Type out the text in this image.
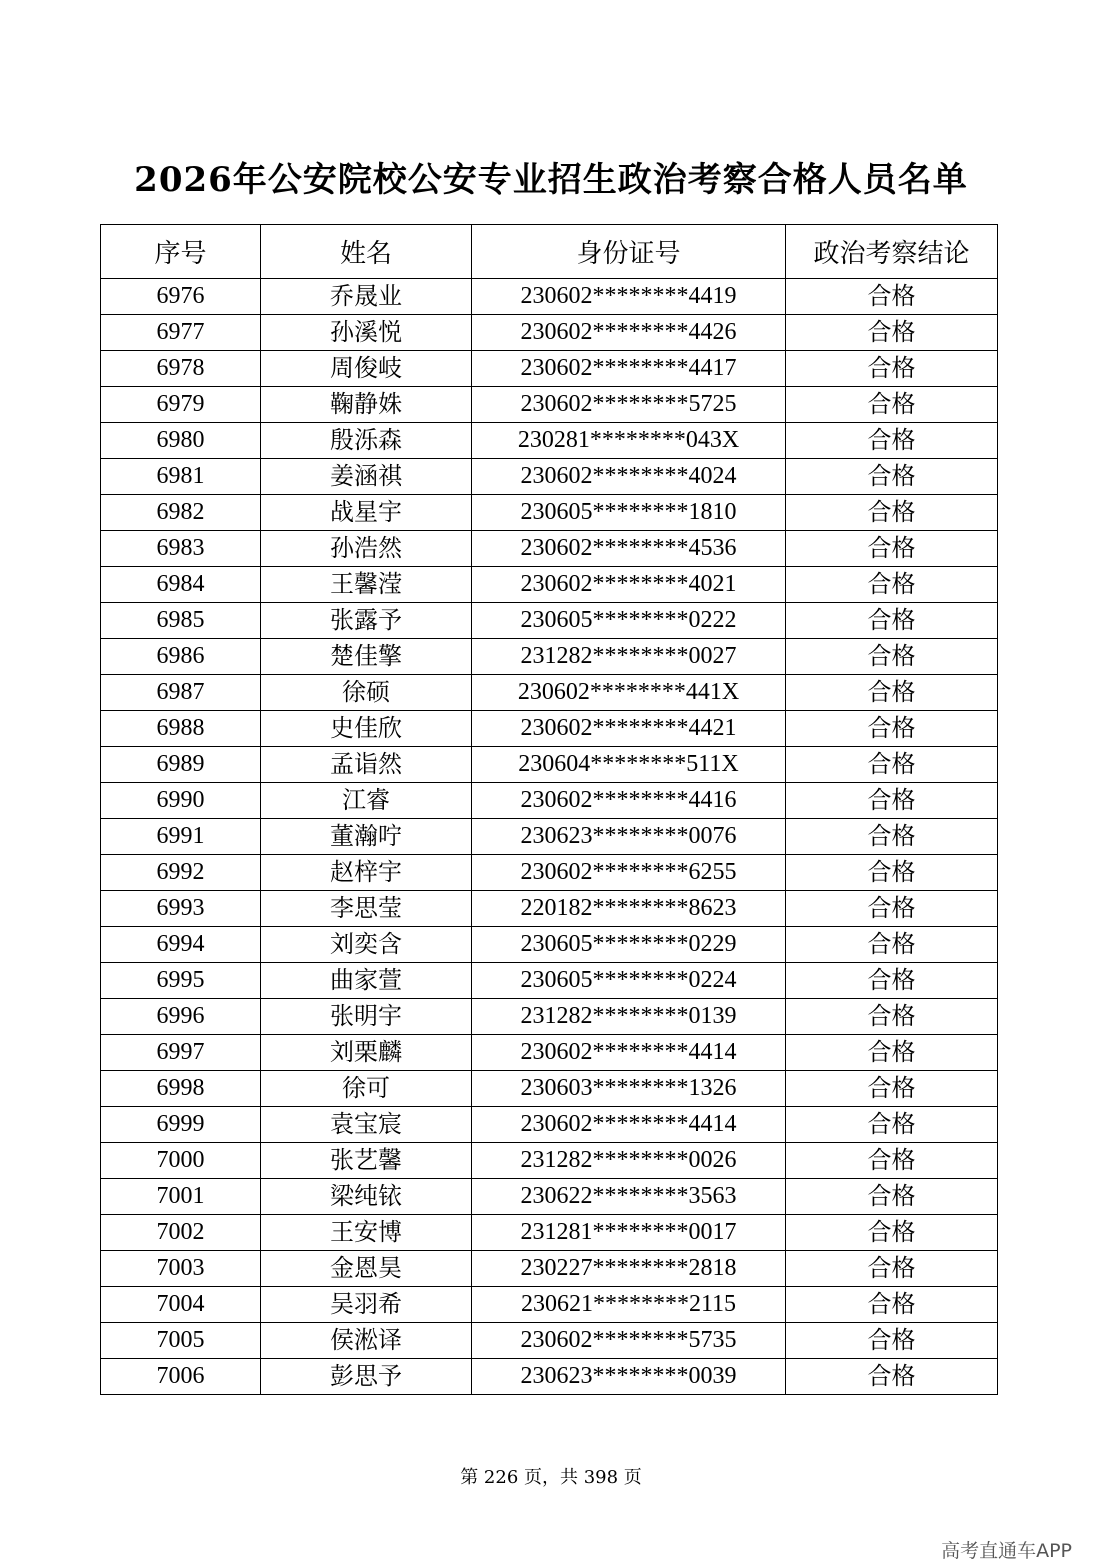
2026年公安院校公安专业招生政治考察合格人员名单
序号	姓名	身份证号	政治考察结论
6976	乔晟业	230602********4419	合格
6977	孙溪悦	230602********4426	合格
6978	周俊岐	230602********4417	合格
6979	鞠静姝	230602********5725	合格
6980	殷泺森	230281********043X	合格
6981	姜涵祺	230602********4024	合格
6982	战星宇	230605********1810	合格
6983	孙浩然	230602********4536	合格
6984	王馨滢	230602********4021	合格
6985	张露予	230605********0222	合格
6986	楚佳擎	231282********0027	合格
6987	徐硕	230602********441X	合格
6988	史佳欣	230602********4421	合格
6989	孟诣然	230604********511X	合格
6990	江睿	230602********4416	合格
6991	董瀚咛	230623********0076	合格
6992	赵梓宇	230602********6255	合格
6993	李思莹	220182********8623	合格
6994	刘奕含	230605********0229	合格
6995	曲家萱	230605********0224	合格
6996	张明宇	231282********0139	合格
6997	刘栗麟	230602********4414	合格
6998	徐可	230603********1326	合格
6999	袁宝宸	230602********4414	合格
7000	张艺馨	231282********0026	合格
7001	梁纯铱	230622********3563	合格
7002	王安博	231281********0017	合格
7003	金恩昊	230227********2818	合格
7004	吴羽希	230621********2115	合格
7005	侯淞译	230602********5735	合格
7006	彭思予	230623********0039	合格
第 226 页，共 398 页
高考直通车APP
